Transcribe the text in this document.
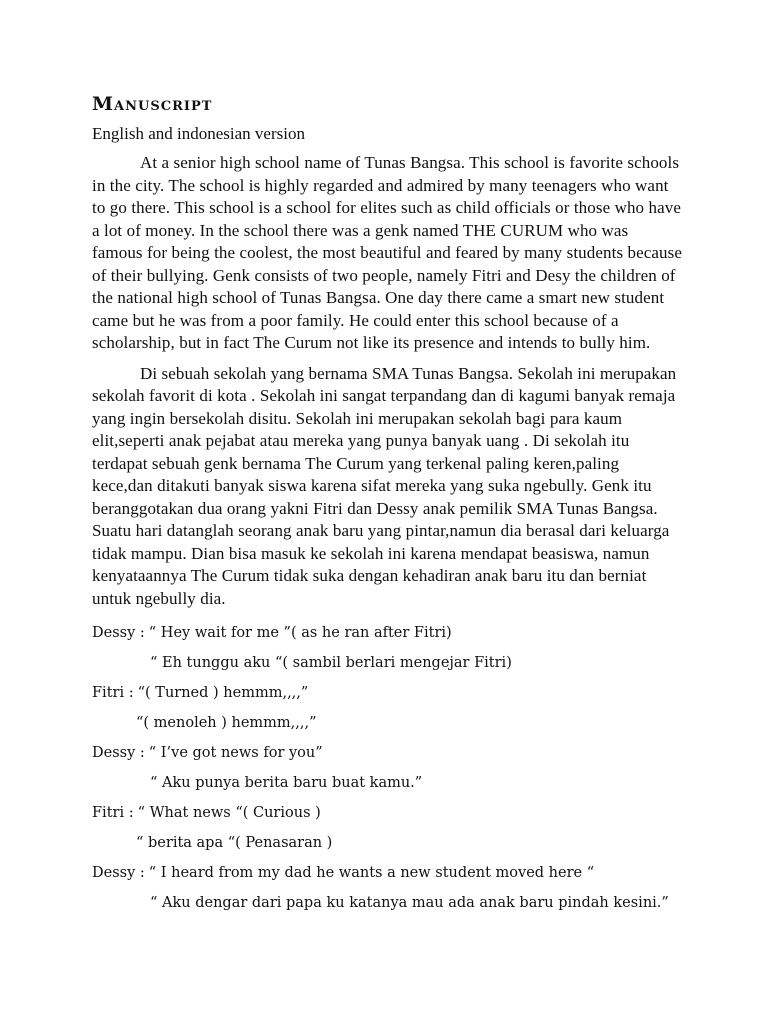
Manuscript
English and indonesian version

At a senior high school name of Tunas Bangsa. This school is favorite schools in the city. The school is highly regarded and admired by many teenagers who want to go there. This school is a school for elites such as child officials or those who have a lot of money. In the school there was a genk named THE CURUM who was famous for being the coolest, the most beautiful and feared by many students because of their bullying. Genk consists of two people, namely Fitri and Desy the children of the national high school of Tunas Bangsa. One day there came a smart new student came but he was from a poor family. He could enter this school because of a scholarship, but in fact The Curum not like its presence and intends to bully him.

Di sebuah sekolah yang bernama SMA Tunas Bangsa. Sekolah ini merupakan sekolah favorit di kota . Sekolah ini sangat terpandang dan di kagumi banyak remaja yang ingin bersekolah disitu. Sekolah ini merupakan sekolah bagi para kaum elit,seperti anak pejabat atau mereka yang punya banyak uang . Di sekolah itu terdapat sebuah genk bernama The Curum yang terkenal paling keren,paling kece,dan ditakuti banyak siswa karena sifat mereka yang suka ngebully. Genk itu beranggotakan dua orang yakni Fitri dan Dessy anak pemilik SMA Tunas Bangsa. Suatu hari datanglah seorang anak baru yang pintar,namun dia berasal dari keluarga tidak mampu. Dian bisa masuk ke sekolah ini karena mendapat beasiswa, namun kenyataannya The Curum tidak suka dengan kehadiran anak baru itu dan berniat untuk ngebully dia.

Dessy : “ Hey wait for me ”( as he ran after Fitri)
“ Eh tunggu aku “( sambil berlari mengejar Fitri)
Fitri : “( Turned ) hemmm,,,,”
“( menoleh ) hemmm,,,,”
Dessy : “ I’ve got news for you”
“ Aku punya berita baru buat kamu.”
Fitri : “ What news “( Curious )
“ berita apa “( Penasaran )
Dessy : “ I heard from my dad he wants a new student moved here “
“ Aku dengar dari papa ku katanya mau ada anak baru pindah kesini.”
